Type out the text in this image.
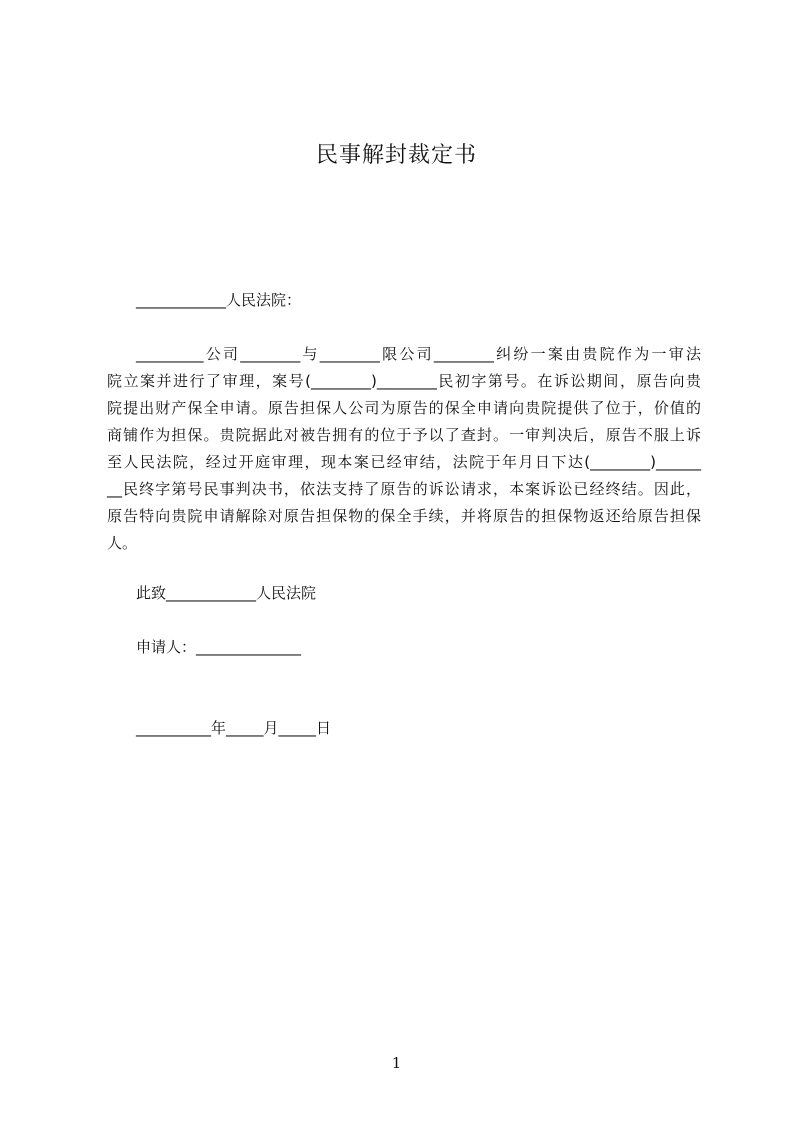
民事解封裁定书
____________人民法院：
_________公司________与________限公司________纠纷一案由贵院作为一审法
院立案并进行了审理，案号(________)________民初字第号。在诉讼期间，原告向贵
院提出财产保全申请。原告担保人公司为原告的保全申请向贵院提供了位于，价值的
商铺作为担保。贵院据此对被告拥有的位于予以了查封。一审判决后，原告不服上诉
至人民法院，经过开庭审理，现本案已经审结，法院于年月日下达(________)______
__民终字第号民事判决书，依法支持了原告的诉讼请求，本案诉讼已经终结。因此，
原告特向贵院申请解除对原告担保物的保全手续，并将原告的担保物返还给原告担保
人。
此致____________人民法院
申请人：______________
__________年_____月_____日
1
